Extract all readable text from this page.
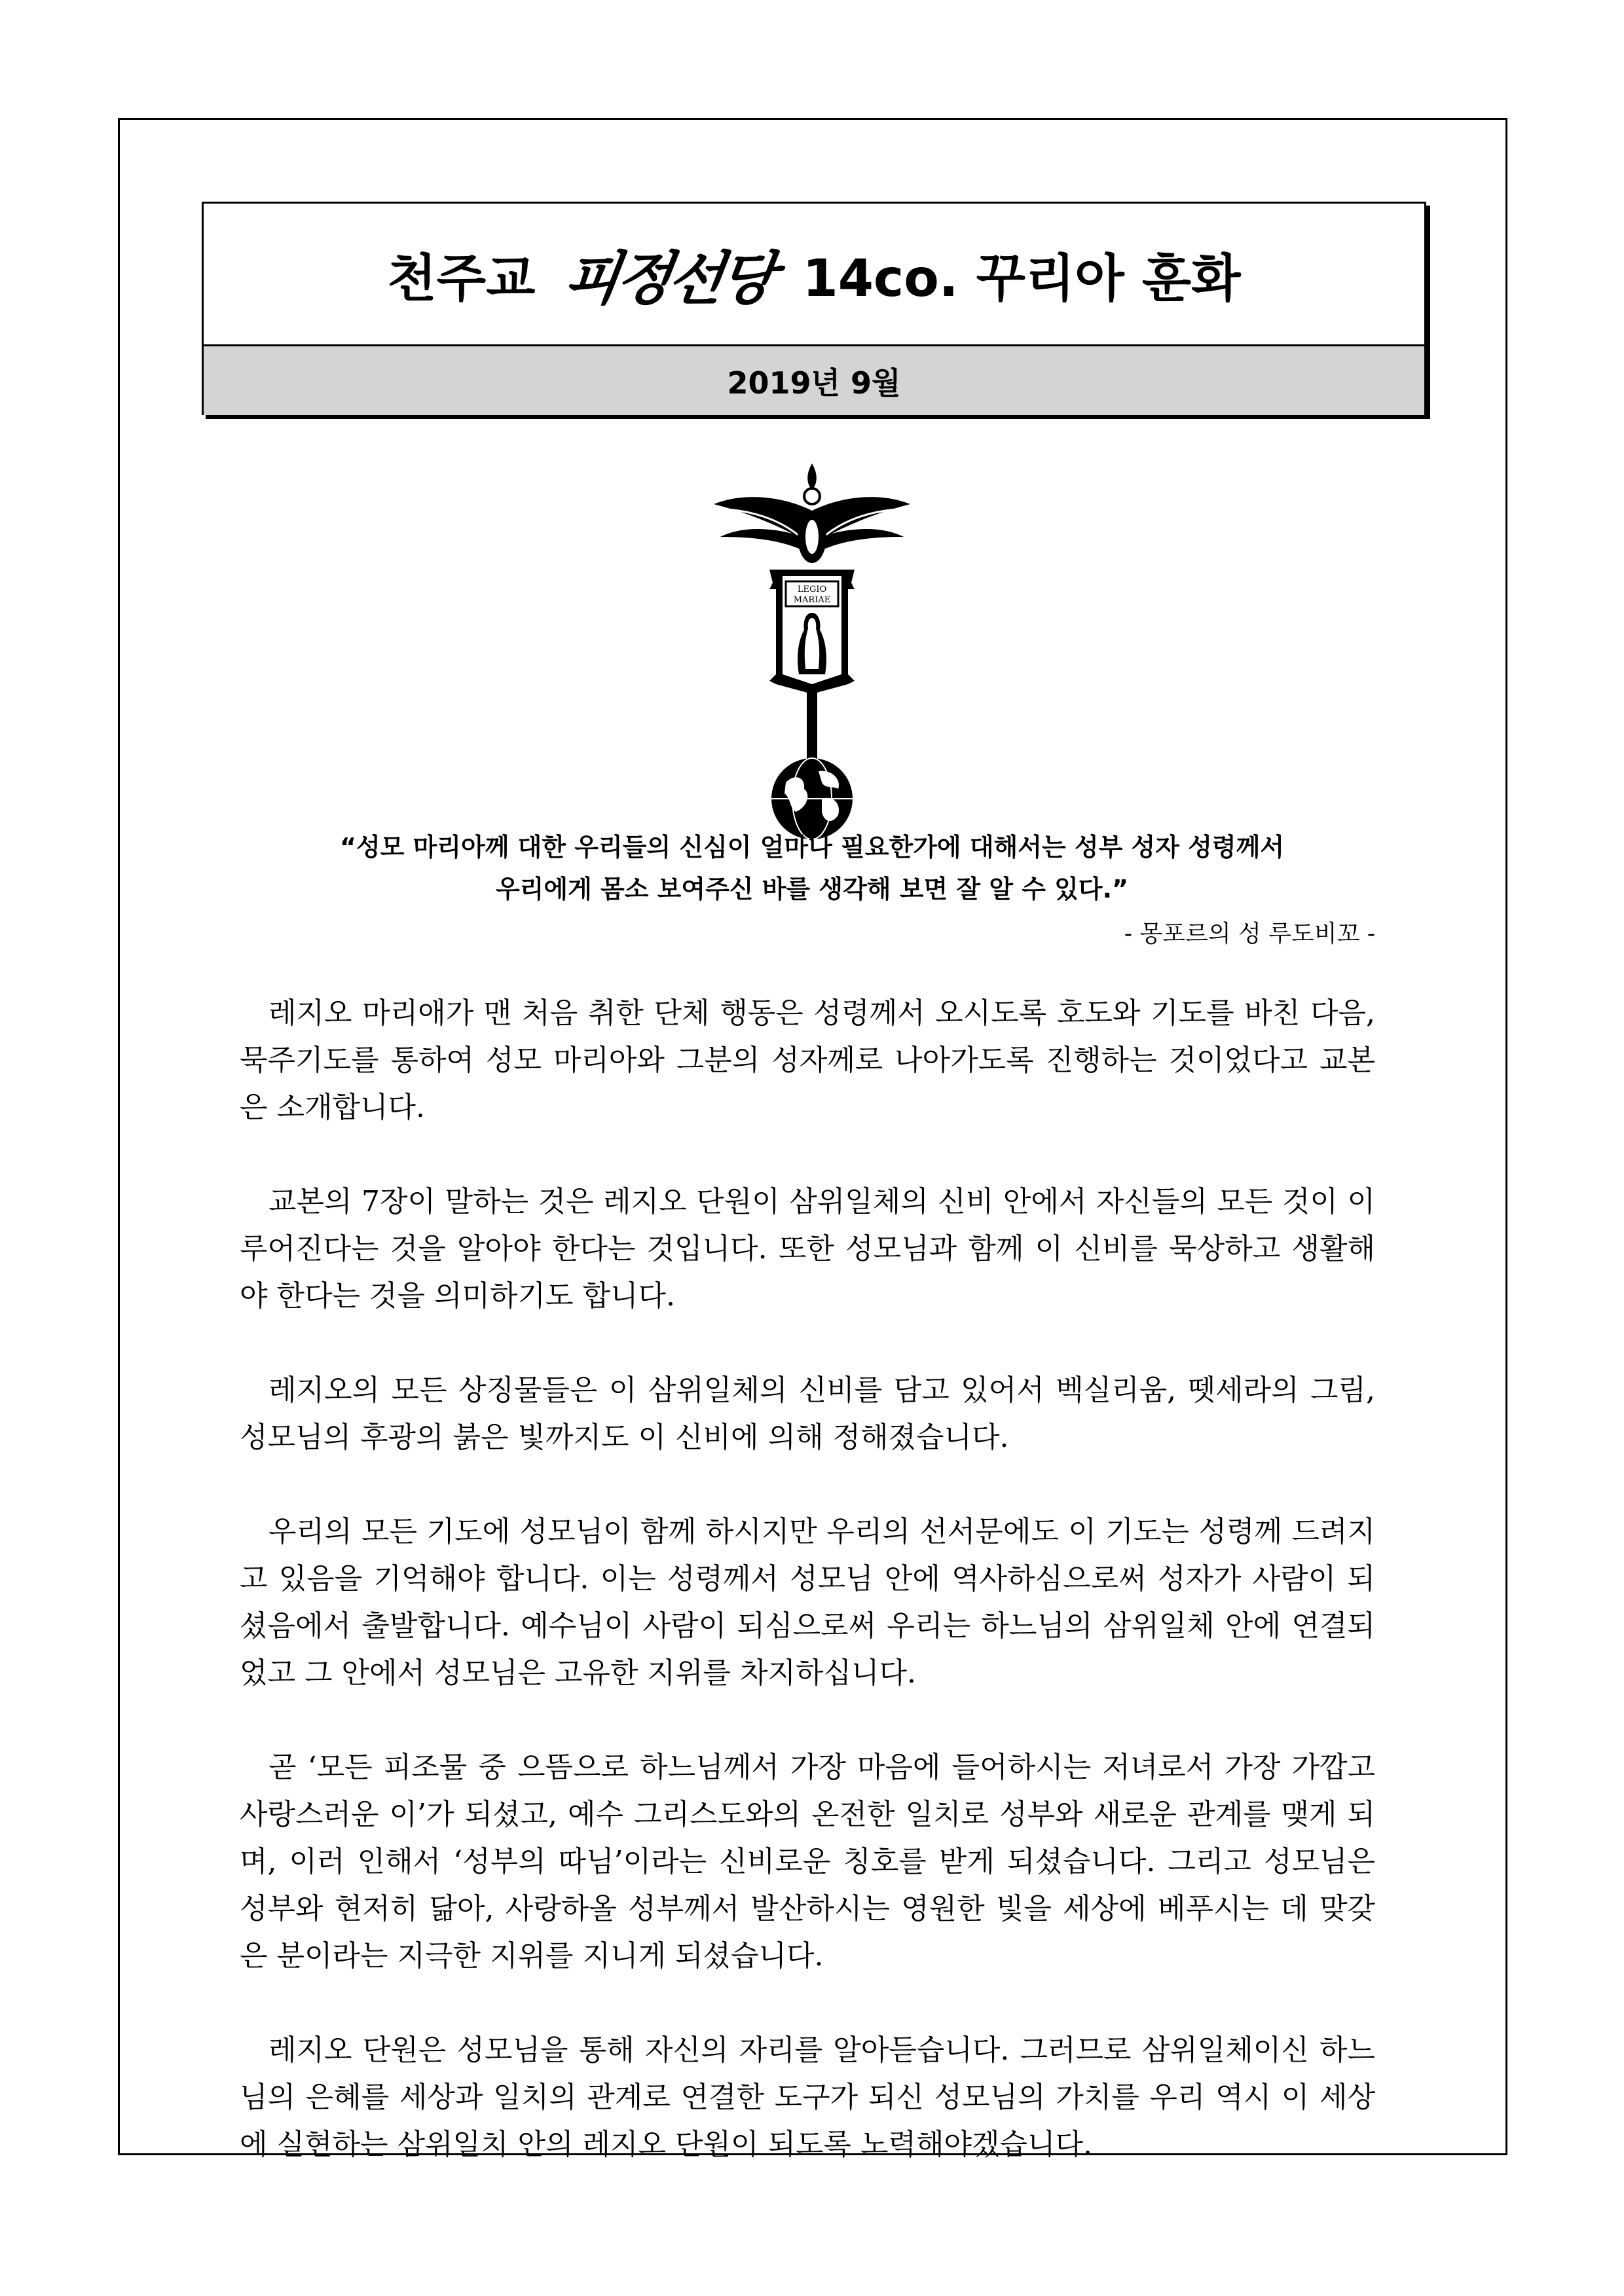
천주교 피정선당 14co. 꾸리아 훈화
2019년 9월
LEGIO
MARIAE
“성모 마리아께 대한 우리들의 신심이 얼마나 필요한가에 대해서는 성부 성자 성령께서
우리에게 몸소 보여주신 바를 생각해 보면 잘 알 수 있다.”
- 몽포르의 성 루도비꼬 -

레지오 마리애가 맨 처음 취한 단체 행동은 성령께서 오시도록 호도와 기도를 바친 다음, 묵주기도를 통하여 성모 마리아와 그분의 성자께로 나아가도록 진행하는 것이었다고 교본은 소개합니다.

교본의 7장이 말하는 것은 레지오 단원이 삼위일체의 신비 안에서 자신들의 모든 것이 이루어진다는 것을 알아야 한다는 것입니다. 또한 성모님과 함께 이 신비를 묵상하고 생활해야 한다는 것을 의미하기도 합니다.

레지오의 모든 상징물들은 이 삼위일체의 신비를 담고 있어서 벡실리움, 뗏세라의 그림, 성모님의 후광의 붉은 빛까지도 이 신비에 의해 정해졌습니다.

우리의 모든 기도에 성모님이 함께 하시지만 우리의 선서문에도 이 기도는 성령께 드려지고 있음을 기억해야 합니다. 이는 성령께서 성모님 안에 역사하심으로써 성자가 사람이 되셨음에서 출발합니다. 예수님이 사람이 되심으로써 우리는 하느님의 삼위일체 안에 연결되었고 그 안에서 성모님은 고유한 지위를 차지하십니다.

곧 ‘모든 피조물 중 으뜸으로 하느님께서 가장 마음에 들어하시는 저녀로서 가장 가깝고 사랑스러운 이’가 되셨고, 예수 그리스도와의 온전한 일치로 성부와 새로운 관계를 맺게 되며, 이러 인해서 ‘성부의 따님’이라는 신비로운 칭호를 받게 되셨습니다. 그리고 성모님은 성부와 현저히 닮아, 사랑하올 성부께서 발산하시는 영원한 빛을 세상에 베푸시는 데 맞갖은 분이라는 지극한 지위를 지니게 되셨습니다.

레지오 단원은 성모님을 통해 자신의 자리를 알아듣습니다. 그러므로 삼위일체이신 하느님의 은혜를 세상과 일치의 관계로 연결한 도구가 되신 성모님의 가치를 우리 역시 이 세상에 실현하는 삼위일치 안의 레지오 단원이 되도록 노력해야겠습니다.
